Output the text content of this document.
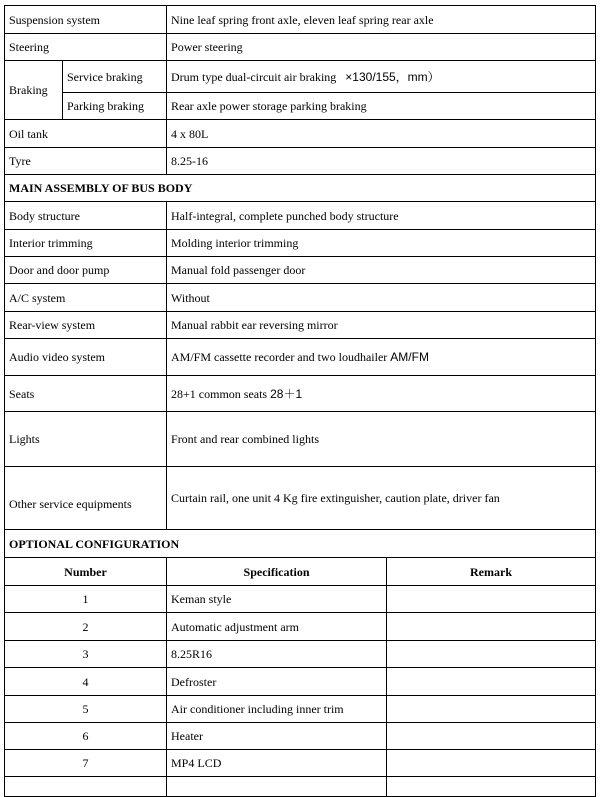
Suspension system		Nine leaf spring front axle, eleven leaf spring rear axle	
Steering		Power steering	
Braking	Service braking	Drum type dual-circuit air braking ×130/155，mm）	
	Parking braking	Rear axle power storage parking braking	
Oil tank		4 x 80L	
Tyre		8.25-16	
MAIN ASSEMBLY OF BUS BODY			
Body structure		Half-integral, complete punched body structure	
Interior trimming		Molding interior trimming	
Door and door pump		Manual fold passenger door	
A/C system		Without	
Rear-view system		Manual rabbit ear reversing mirror	
Audio video system		AM/FM cassette recorder and two loudhailer AM/FM	
Seats		28+1 common seats 28＋1	
Lights		Front and rear combined lights	
Other service equipments		Curtain rail, one unit 4 Kg fire extinguisher, caution plate, driver fan	
OPTIONAL CONFIGURATION			
Number		Specification	Remark
1		Keman style	
2		Automatic adjustment arm	
3		8.25R16	
4		Defroster	
5		Air conditioner including inner trim	
6		Heater	
7		MP4 LCD	
